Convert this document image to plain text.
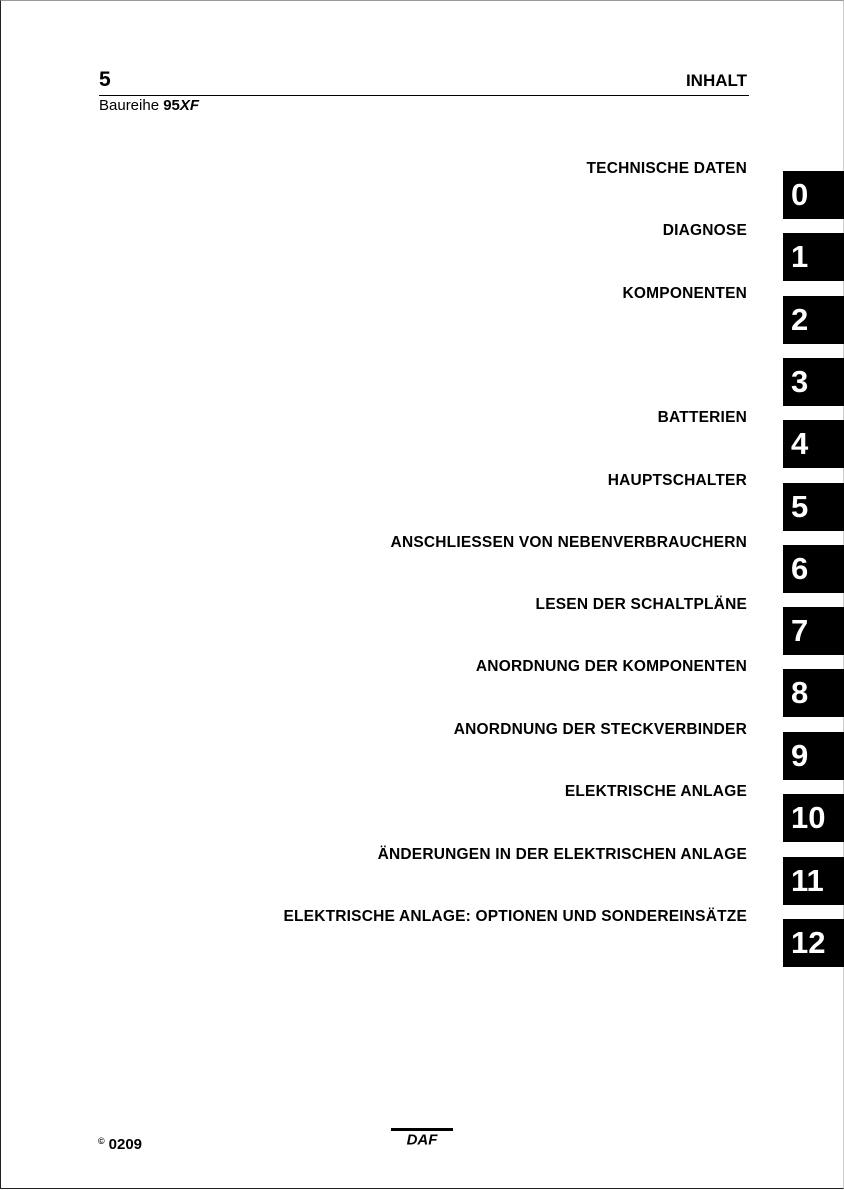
5	INHALT
Baureihe 95XF
TECHNISCHE DATEN
0
DIAGNOSE
1
KOMPONENTEN
2
3
BATTERIEN
4
HAUPTSCHALTER
5
ANSCHLIESSEN VON NEBENVERBRAUCHERN
6
LESEN DER SCHALTPLÄNE
7
ANORDNUNG DER KOMPONENTEN
8
ANORDNUNG DER STECKVERBINDER
9
ELEKTRISCHE ANLAGE
10
ÄNDERUNGEN IN DER ELEKTRISCHEN ANLAGE
11
ELEKTRISCHE ANLAGE: OPTIONEN UND SONDEREINSÄTZE
12
© 0209	DAF
